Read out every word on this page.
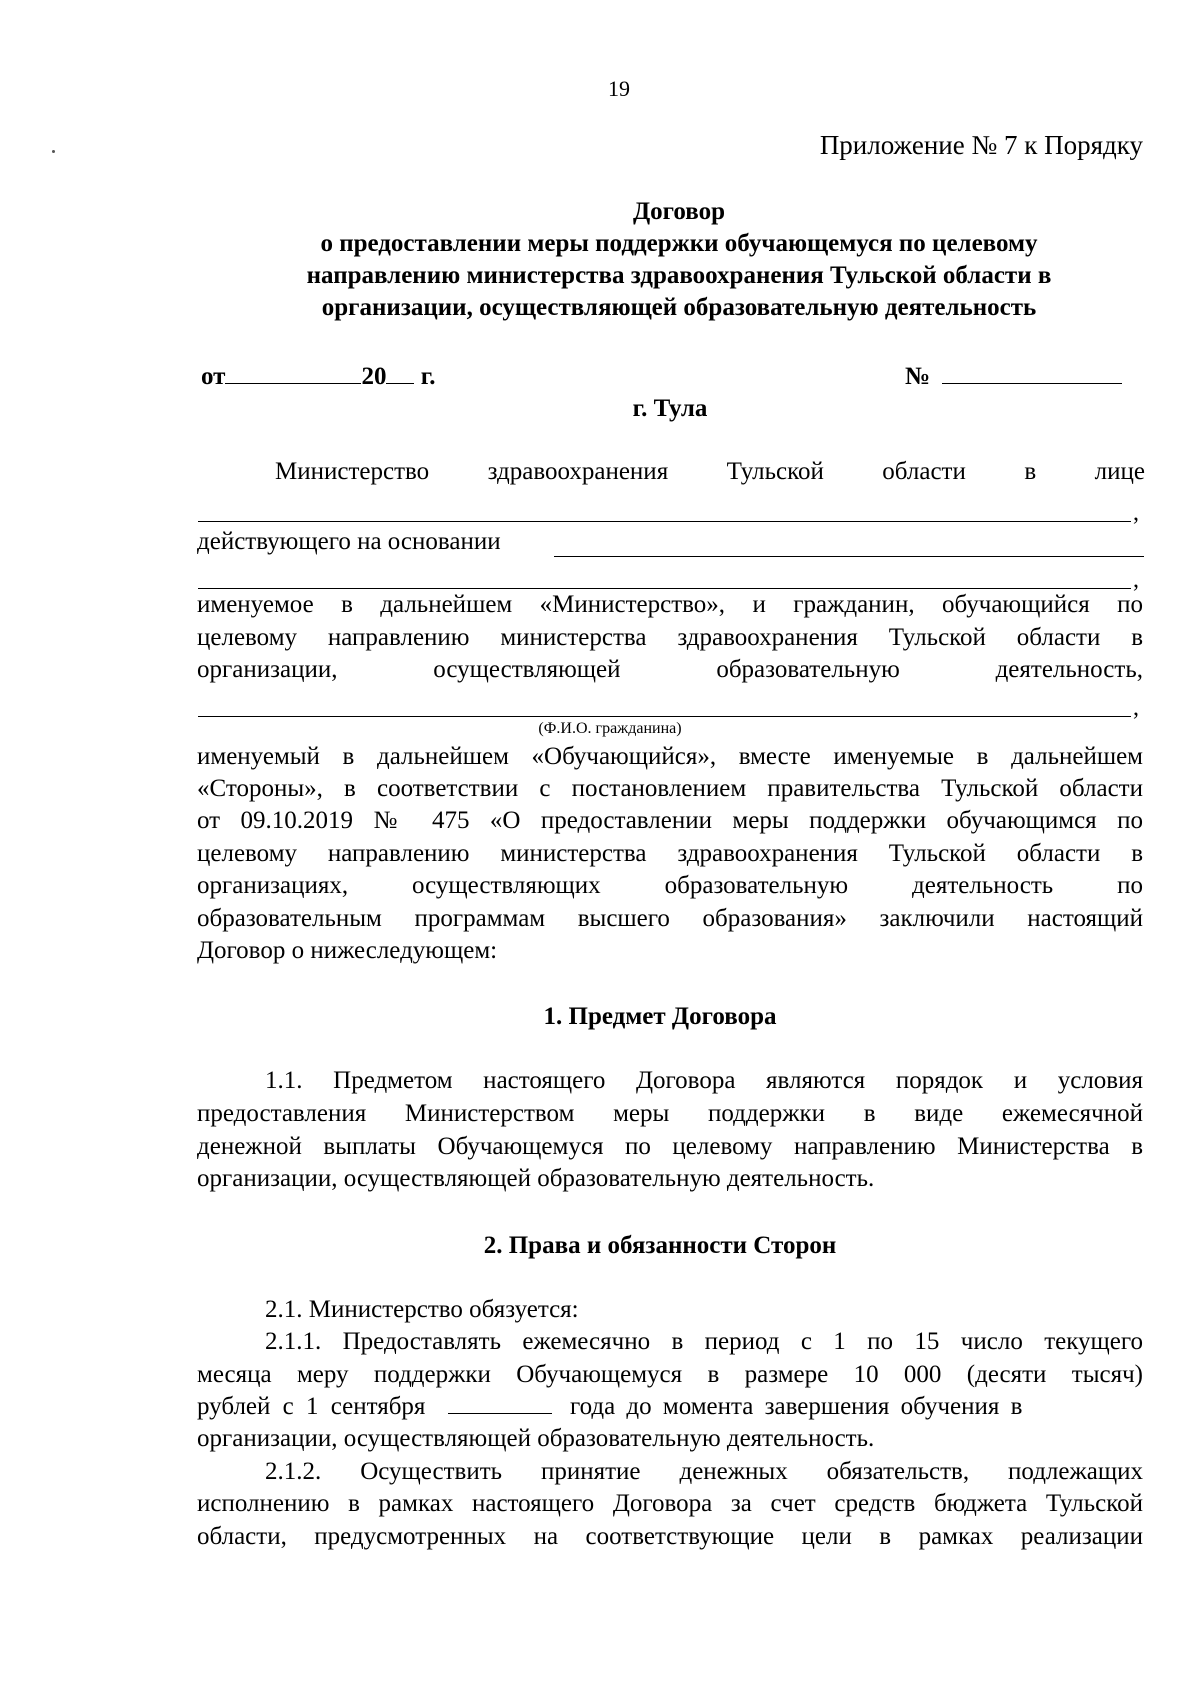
19
Приложение № 7 к Порядку
Договор
о предоставлении меры поддержки обучающемуся по целевому
направлению министерства здравоохранения Тульской области в
организации, осуществляющей образовательную деятельность
от	20 г.	№
г. Тула
Министерство здравоохранения Тульской области в лице
,
действующего на основании
,
именуемое в дальнейшем «Министерство», и гражданин, обучающийся по
целевому направлению министерства здравоохранения Тульской области в
организации,	осуществляющей	образовательную	деятельность,
,
(Ф.И.О. гражданина)
именуемый в дальнейшем «Обучающийся», вместе именуемые в дальнейшем
«Стороны», в соответствии с постановлением правительства Тульской области
от 09.10.2019 № 475 «О предоставлении меры поддержки обучающимся по
целевому направлению министерства здравоохранения Тульской области в
организациях, осуществляющих образовательную деятельность по
образовательным программам высшего образования» заключили настоящий
Договор о нижеследующем:
1. Предмет Договора
1.1. Предметом настоящего Договора являются порядок и условия
предоставления Министерством меры поддержки в виде ежемесячной
денежной выплаты Обучающемуся по целевому направлению Министерства в
организации, осуществляющей образовательную деятельность.
2. Права и обязанности Сторон
2.1. Министерство обязуется:
2.1.1. Предоставлять ежемесячно в период с 1 по 15 число текущего
месяца меру поддержки Обучающемуся в размере 10 000 (десяти тысяч)
рублей с 1 сентября	года до момента завершения обучения в
организации, осуществляющей образовательную деятельность.
2.1.2. Осуществить принятие денежных обязательств, подлежащих
исполнению в рамках настоящего Договора за счет средств бюджета Тульской
области, предусмотренных на соответствующие цели в рамках реализации
